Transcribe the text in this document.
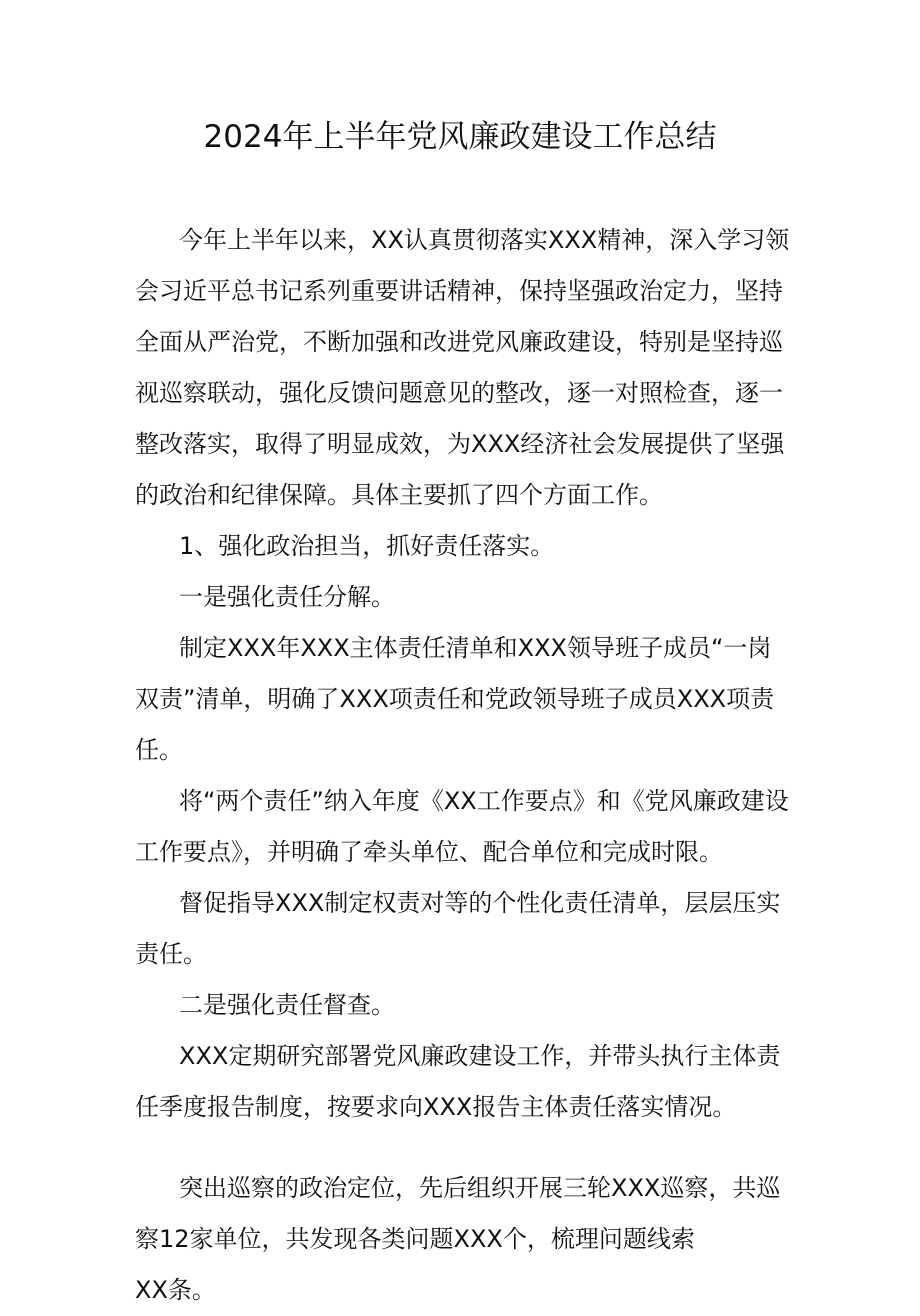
2024年上半年党风廉政建设工作总结

今年上半年以来，XX认真贯彻落实XXX精神，深入学习领会习近平总书记系列重要讲话精神，保持坚强政治定力，坚持全面从严治党，不断加强和改进党风廉政建设，特别是坚持巡视巡察联动，强化反馈问题意见的整改，逐一对照检查，逐一整改落实，取得了明显成效，为XXX经济社会发展提供了坚强的政治和纪律保障。具体主要抓了四个方面工作。

1、强化政治担当，抓好责任落实。

一是强化责任分解。

制定XXX年XXX主体责任清单和XXX领导班子成员“一岗双责”清单，明确了XXX项责任和党政领导班子成员XXX项责任。

将“两个责任”纳入年度《XX工作要点》和《党风廉政建设工作要点》，并明确了牵头单位、配合单位和完成时限。

督促指导XXX制定权责对等的个性化责任清单，层层压实责任。

二是强化责任督查。

XXX定期研究部署党风廉政建设工作，并带头执行主体责任季度报告制度，按要求向XXX报告主体责任落实情况。

突出巡察的政治定位，先后组织开展三轮XXX巡察，共巡察12家单位，共发现各类问题XXX个，梳理问题线索

XX条。
